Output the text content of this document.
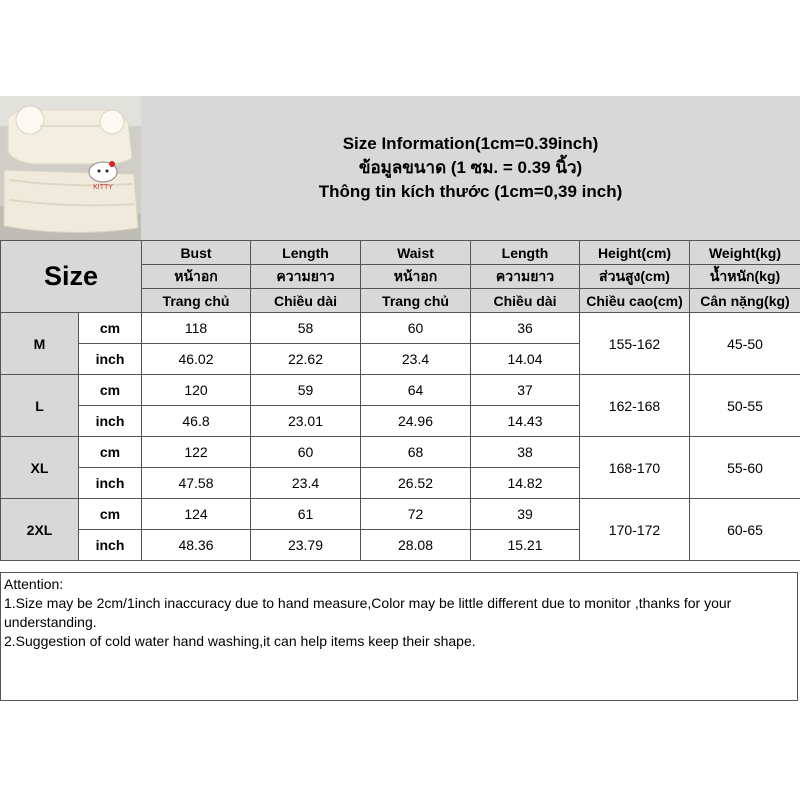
KITTY
Size Information(1cm=0.39inch)
ข้อมูลขนาด (1 ซม. = 0.39 นิ้ว)
Thông tin kích thước (1cm=0,39 inch)
Size		Bust	Length	Waist	Length	Height(cm)	Weight(kg)
		หน้าอก	ความยาว	หน้าอก	ความยาว	ส่วนสูง(cm)	น้ำหนัก(kg)
		Trang chủ	Chiều dài	Trang chủ	Chiều dài	Chiều cao(cm)	Cân nặng(kg)
M	cm	118	58	60	36	155-162	45-50
	inch	46.02	22.62	23.4	14.04		
L	cm	120	59	64	37	162-168	50-55
	inch	46.8	23.01	24.96	14.43		
XL	cm	122	60	68	38	168-170	55-60
	inch	47.58	23.4	26.52	14.82		
2XL	cm	124	61	72	39	170-172	60-65
	inch	48.36	23.79	28.08	15.21		
Attention:
1.Size may be 2cm/1inch inaccuracy due to hand measure,Color may be little different due to monitor ,thanks for your understanding.
2.Suggestion of cold water hand washing,it can help items keep their shape.
